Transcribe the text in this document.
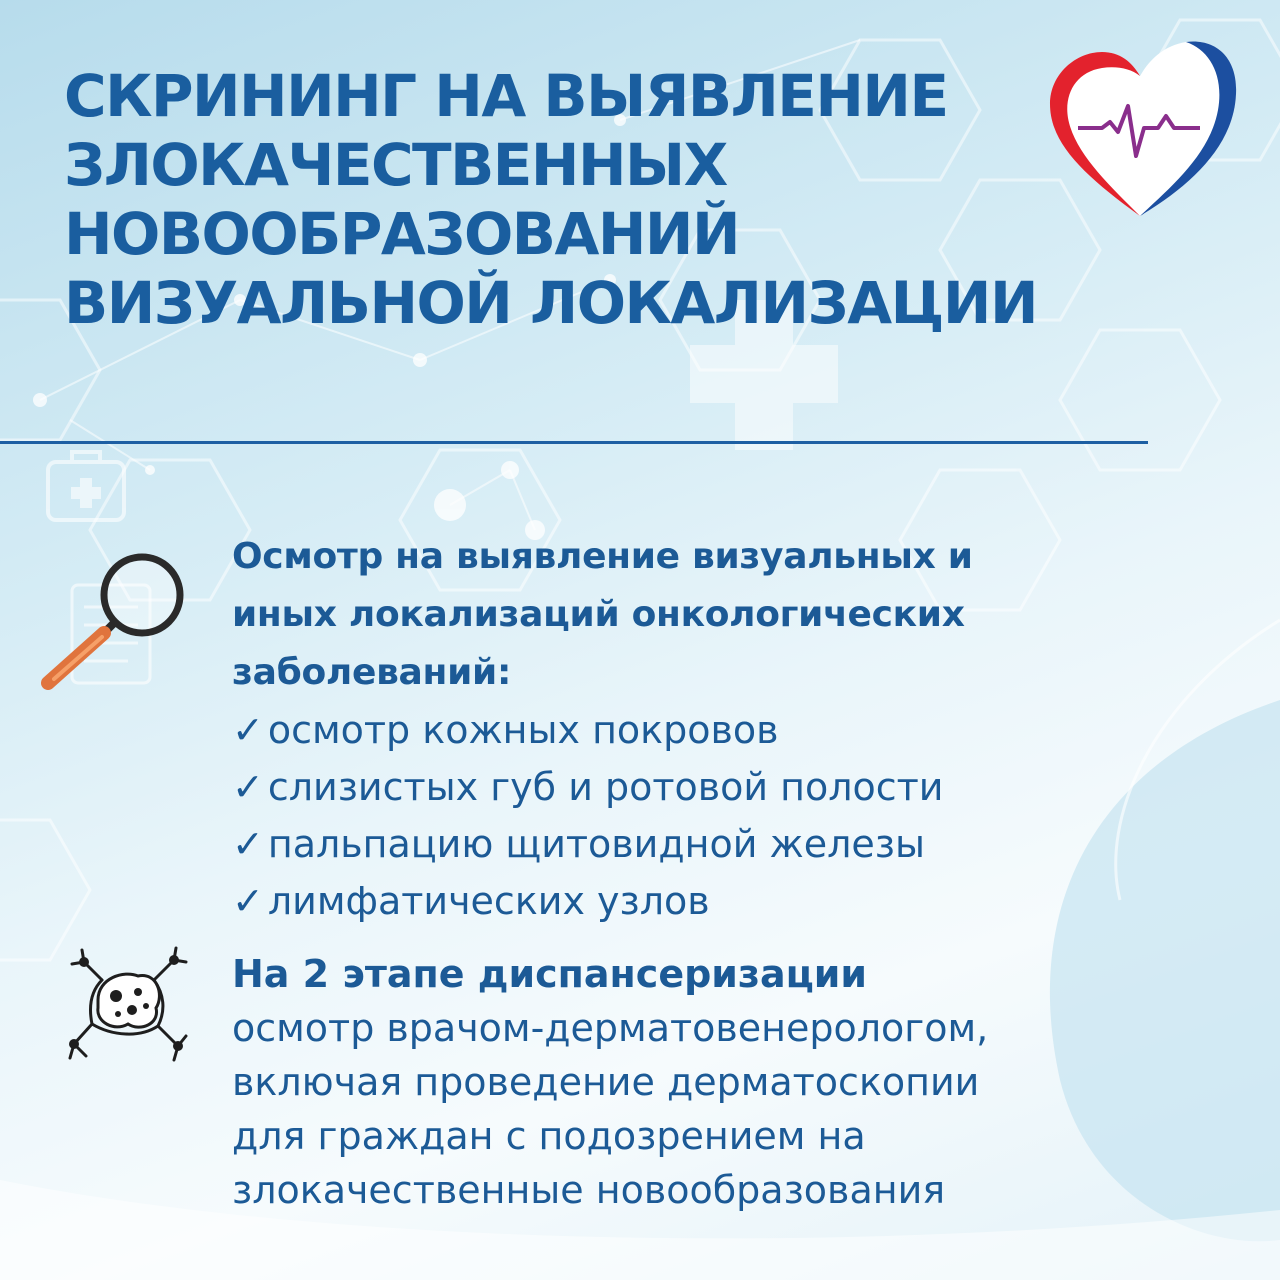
СКРИНИНГ НА ВЫЯВЛЕНИЕ
ЗЛОКАЧЕСТВЕННЫХ
НОВООБРАЗОВАНИЙ
ВИЗУАЛЬНОЙ ЛОКАЛИЗАЦИИ
Осмотр на выявление визуальных и
иных локализаций онкологических
заболеваний:
✓ осмотр кожных покровов
✓ слизистых губ и ротовой полости
✓ пальпацию щитовидной железы
✓ лимфатических узлов
На 2 этапе диспансеризации
осмотр врачом-дерматовенерологом,
включая проведение дерматоскопии
для граждан с подозрением на
злокачественные новообразования
